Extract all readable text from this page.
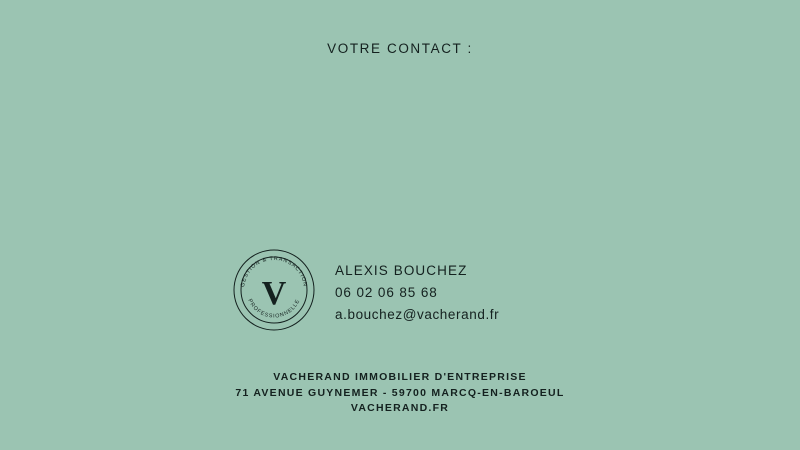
VOTRE CONTACT :
GESTION & TRANSACTION
PROFESSIONNELLE
V
ALEXIS BOUCHEZ
06 02 06 85 68
a.bouchez@vacherand.fr
VACHERAND IMMOBILIER D'ENTREPRISE
71 AVENUE GUYNEMER - 59700 MARCQ-EN-BAROEUL
VACHERAND.FR
